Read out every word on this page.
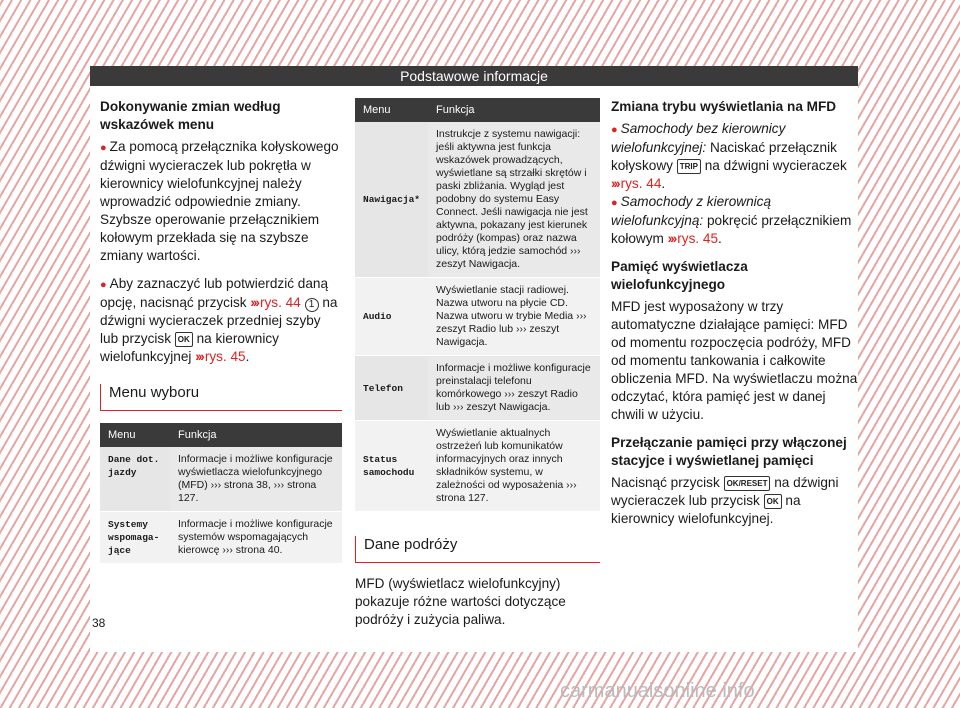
Podstawowe informacje
Dokonywanie zmian według wskazówek menu

● Za pomocą przełącznika kołyskowego dźwigni wycieraczek lub pokrętła w kierownicy wielofunkcyjnej należy wprowadzić odpowiednie zmiany. Szybsze operowanie przełącznikiem kołowym przekłada się na szybsze zmiany wartości.

● Aby zaznaczyć lub potwierdzić daną opcję, nacisnąć przycisk ››› rys. 44 1 na dźwigni wycieraczek przedniej szyby lub przycisk OK na kierownicy wielofunkcyjnej ››› rys. 45.

Menu wyboru
Menu	Funkcja
Dane dot. jazdy	Informacje i możliwe konfiguracje wyświetlacza wielofunkcyjnego (MFD) ››› strona 38, ››› strona 127.
Systemy wspomaga-jące	Informacje i możliwe konfiguracje systemów wspomagających kierowcę ››› strona 40.
Menu	Funkcja
Nawigacja*	Instrukcje z systemu nawigacji: jeśli aktywna jest funkcja wskazówek prowadzących, wyświetlane są strzałki skrętów i paski zbliżania. Wygląd jest podobny do systemu Easy Connect. Jeśli nawigacja nie jest aktywna, pokazany jest kierunek podróży (kompas) oraz nazwa ulicy, którą jedzie samochód ››› zeszyt Nawigacja.
Audio	Wyświetlanie stacji radiowej. Nazwa utworu na płycie CD. Nazwa utworu w trybie Media ››› zeszyt Radio lub ››› zeszyt Nawigacja.
Telefon	Informacje i możliwe konfiguracje preinstalacji telefonu komórkowego ››› zeszyt Radio lub ››› zeszyt Nawigacja.
Status samochodu	Wyświetlanie aktualnych ostrzeżeń lub komunikatów informacyjnych oraz innych składników systemu, w zależności od wyposażenia ››› strona 127.
Dane podróży

MFD (wyświetlacz wielofunkcyjny) pokazuje różne wartości dotyczące podróży i zużycia paliwa.

Zmiana trybu wyświetlania na MFD

● Samochody bez kierownicy wielofunkcyjnej: Naciskać przełącznik kołyskowy TRIP na dźwigni wycieraczek ››› rys. 44.

● Samochody z kierownicą wielofunkcyjną: pokręcić przełącznikiem kołowym ››› rys. 45.

Pamięć wyświetlacza wielofunkcyjnego

MFD jest wyposażony w trzy automatyczne działające pamięci: MFD od momentu rozpoczęcia podróży, MFD od momentu tankowania i całkowite obliczenia MFD. Na wyświetlaczu można odczytać, która pamięć jest w danej chwili w użyciu.

Przełączanie pamięci przy włączonej stacyjce i wyświetlanej pamięci

Nacisnąć przycisk OK/RESET na dźwigni wycieraczek lub przycisk OK na kierownicy wielofunkcyjnej.

38
carmanualsonline.info
